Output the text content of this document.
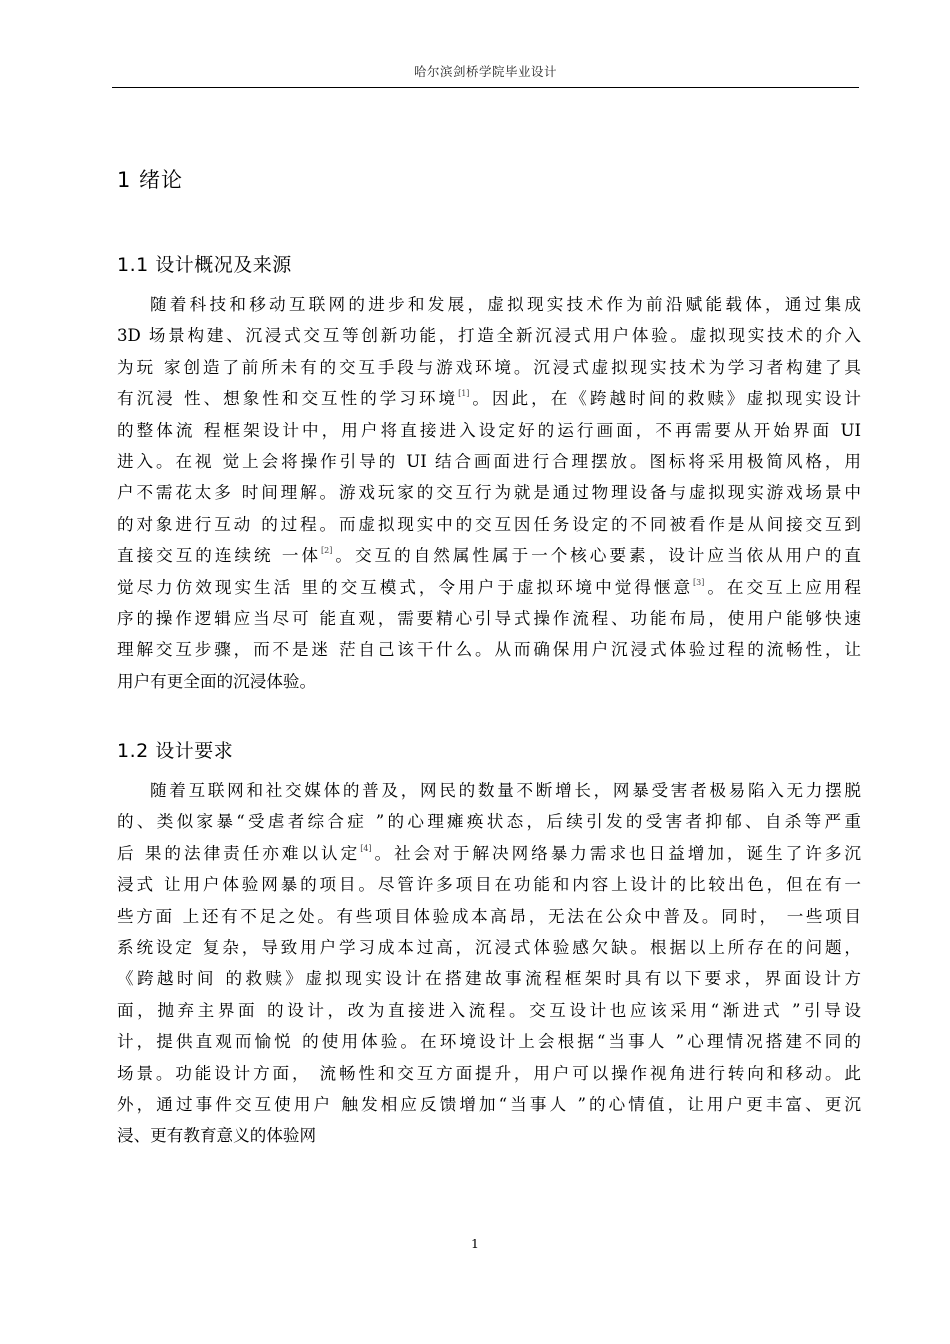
哈尔滨剑桥学院毕业设计
1 绪论
1.1 设计概况及来源
随着科技和移动互联网的进步和发展，虚拟现实技术作为前沿赋能载体，通过集成
3D 场景构建、沉浸式交互等创新功能，打造全新沉浸式用户体验。虚拟现实技术的介入
为玩 家创造了前所未有的交互手段与游戏环境。沉浸式虚拟现实技术为学习者构建了具
有沉浸 性、想象性和交互性的学习环境[1]。因此，在《跨越时间的救赎》虚拟现实设计
的整体流 程框架设计中，用户将直接进入设定好的运行画面，不再需要从开始界面 UI
进入。在视 觉上会将操作引导的 UI 结合画面进行合理摆放。图标将采用极简风格，用
户不需花太多 时间理解。游戏玩家的交互行为就是通过物理设备与虚拟现实游戏场景中
的对象进行互动 的过程。而虚拟现实中的交互因任务设定的不同被看作是从间接交互到
直接交互的连续统 一体[2]。交互的自然属性属于一个核心要素，设计应当依从用户的直
觉尽力仿效现实生活 里的交互模式，令用户于虚拟环境中觉得惬意[3]。在交互上应用程
序的操作逻辑应当尽可 能直观，需要精心引导式操作流程、功能布局，使用户能够快速
理解交互步骤，而不是迷 茫自己该干什么。从而确保用户沉浸式体验过程的流畅性，让
用户有更全面的沉浸体验。
1.2 设计要求
随着互联网和社交媒体的普及，网民的数量不断增长，网暴受害者极易陷入无力摆脱
的、类似家暴“受虐者综合症 ”的心理瘫痪状态，后续引发的受害者抑郁、自杀等严重
后 果的法律责任亦难以认定[4]。社会对于解决网络暴力需求也日益增加，诞生了许多沉
浸式 让用户体验网暴的项目。尽管许多项目在功能和内容上设计的比较出色，但在有一
些方面 上还有不足之处。有些项目体验成本高昂，无法在公众中普及。同时， 一些项目
系统设定 复杂，导致用户学习成本过高，沉浸式体验感欠缺。根据以上所存在的问题，
《跨越时间 的救赎》虚拟现实设计在搭建故事流程框架时具有以下要求，界面设计方
面，抛弃主界面 的设计，改为直接进入流程。交互设计也应该采用“渐进式 ”引导设
计，提供直观而愉悦 的使用体验。在环境设计上会根据“当事人 ”心理情况搭建不同的
场景。功能设计方面， 流畅性和交互方面提升，用户可以操作视角进行转向和移动。此
外，通过事件交互使用户 触发相应反馈增加“当事人 ”的心情值，让用户更丰富、更沉
浸、更有教育意义的体验网
1
